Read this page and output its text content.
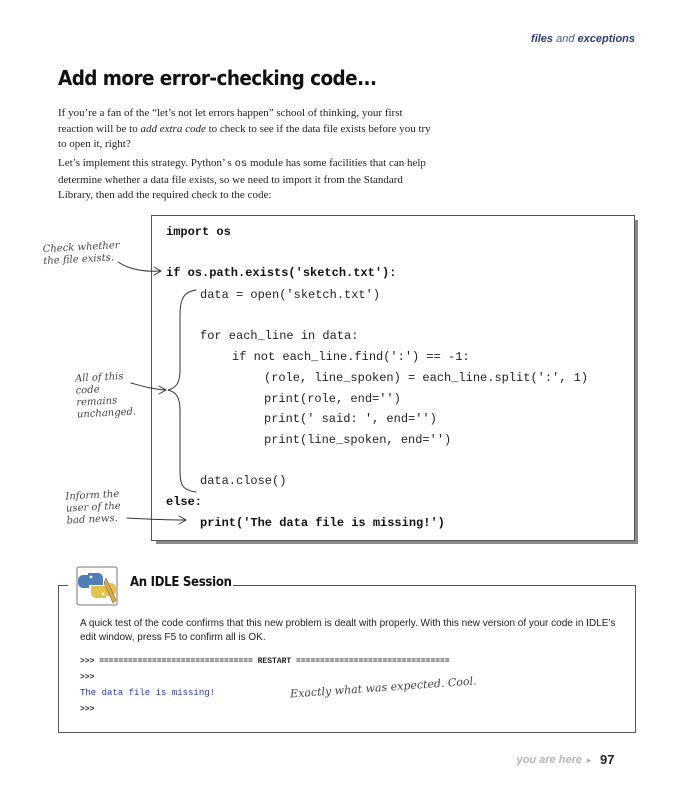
files and exceptions
Add more error-checking code...
If you’re a fan of the “let’s not let errors happen” school of thinking, your first reaction will be to add extra code to check to see if the data file exists before you try to open it, right?
Let’s implement this strategy. Python’ s os module has some facilities that can help determine whether a data file exists, so we need to import it from the Standard Library, then add the required check to the code:
import os
if os.path.exists('sketch.txt'):
data = open('sketch.txt')
for each_line in data:
if not each_line.find(':') == -1:
(role, line_spoken) = each_line.split(':', 1)
print(role, end='')
print(' said: ', end='')
print(line_spoken, end='')
data.close()
else:
print('The data file is missing!')
Check whether the file exists.
All of this code remains unchanged.
Inform the user of the bad news.
An IDLE Session
A quick test of the code confirms that this new problem is dealt with properly. With this new version of your code in IDLE’s edit window, press F5 to confirm all is OK.
>>> ================================ RESTART ================================
>>>
The data file is missing!
>>>
Exactly what was expected. Cool.
you are here ► 97
